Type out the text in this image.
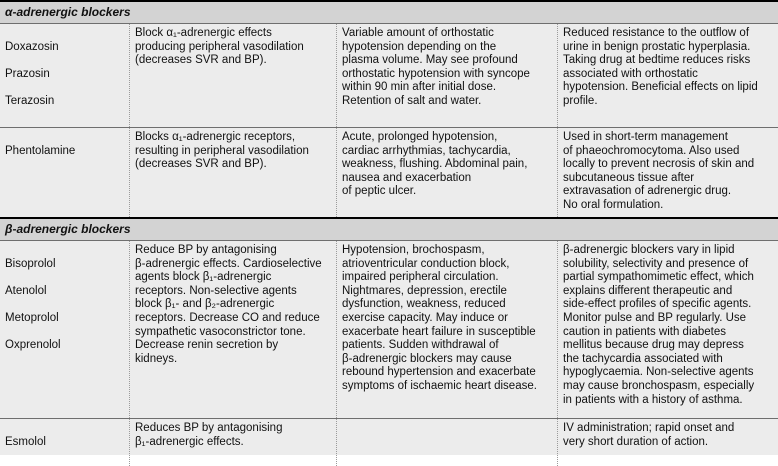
α-adrenergic blockers

Doxazosin

Prazosin

Terazosin

Block α₁-adrenergic effects
producing peripheral vasodilation
(decreases SVR and BP).
Variable amount of orthostatic
hypotension depending on the
plasma volume. May see profound
orthostatic hypotension with syncope
within 90 min after initial dose.
Retention of salt and water.
Reduced resistance to the outflow of
urine in benign prostatic hyperplasia.
Taking drug at bedtime reduces risks
associated with orthostatic
hypotension. Beneficial effects on lipid
profile.

Phentolamine

Blocks α₁-adrenergic receptors,
resulting in peripheral vasodilation
(decreases SVR and BP).
Acute, prolonged hypotension,
cardiac arrhythmias, tachycardia,
weakness, flushing. Abdominal pain,
nausea and exacerbation
of peptic ulcer.
Used in short-term management
of phaeochromocytoma. Also used
locally to prevent necrosis of skin and
subcutaneous tissue after
extravasation of adrenergic drug.
No oral formulation.
β-adrenergic blockers

Bisoprolol

Atenolol

Metoprolol

Oxprenolol

Reduce BP by antagonising
β-adrenergic effects. Cardioselective
agents block β₁-adrenergic
receptors. Non-selective agents
block β₁- and β₂-adrenergic
receptors. Decrease CO and reduce
sympathetic vasoconstrictor tone.
Decrease renin secretion by
kidneys.
Hypotension, brochospasm,
atrioventricular conduction block,
impaired peripheral circulation.
Nightmares, depression, erectile
dysfunction, weakness, reduced
exercise capacity. May induce or
exacerbate heart failure in susceptible
patients. Sudden withdrawal of
β-adrenergic blockers may cause
rebound hypertension and exacerbate
symptoms of ischaemic heart disease.
β-adrenergic blockers vary in lipid
solubility, selectivity and presence of
partial sympathomimetic effect, which
explains different therapeutic and
side-effect profiles of specific agents.
Monitor pulse and BP regularly. Use
caution in patients with diabetes
mellitus because drug may depress
the tachycardia associated with
hypoglycaemia. Non-selective agents
may cause bronchospasm, especially
in patients with a history of asthma.

Esmolol

Reduces BP by antagonising
β₁-adrenergic effects.
IV administration; rapid onset and
very short duration of action.
